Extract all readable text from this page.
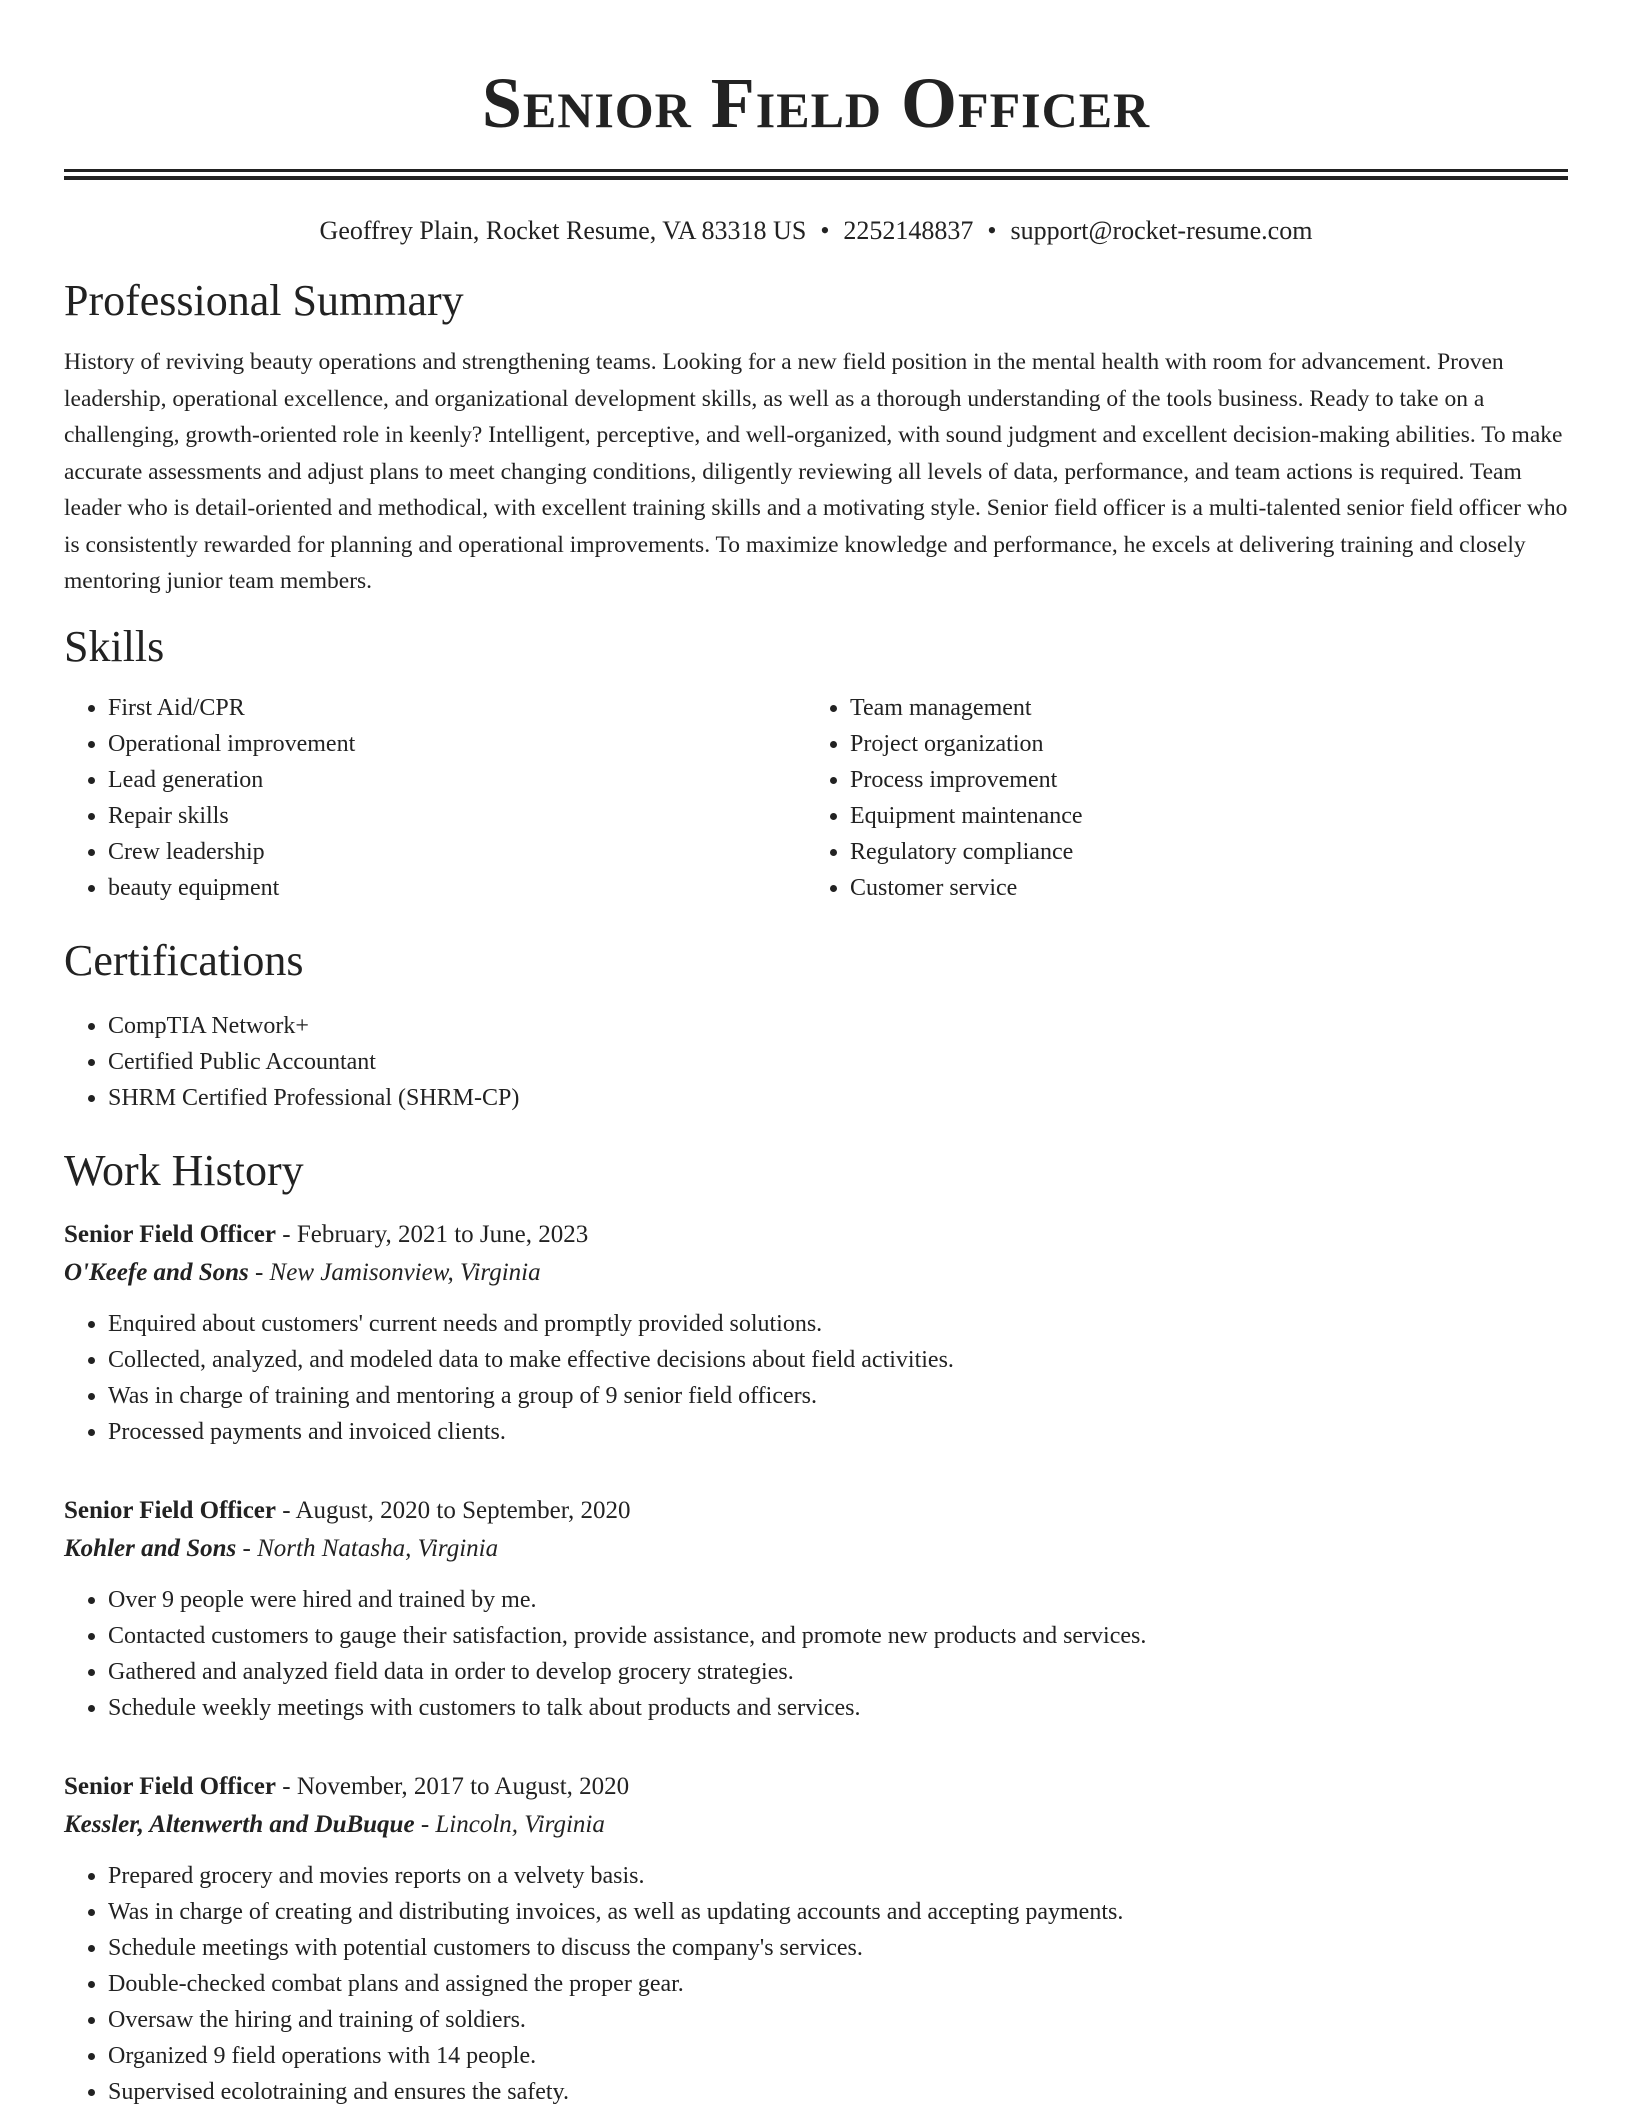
Senior Field Officer
Geoffrey Plain, Rocket Resume, VA 83318 US • 2252148837 • support@rocket-resume.com
Professional Summary

History of reviving beauty operations and strengthening teams. Looking for a new field position in the mental health with room for advancement. Proven leadership, operational excellence, and organizational development skills, as well as a thorough understanding of the tools business. Ready to take on a challenging, growth-oriented role in keenly? Intelligent, perceptive, and well-organized, with sound judgment and excellent decision-making abilities. To make accurate assessments and adjust plans to meet changing conditions, diligently reviewing all levels of data, performance, and team actions is required. Team leader who is detail-oriented and methodical, with excellent training skills and a motivating style. Senior field officer is a multi-talented senior field officer who is consistently rewarded for planning and operational improvements. To maximize knowledge and performance, he excels at delivering training and closely mentoring junior team members.

Skills
• First Aid/CPR
• Operational improvement
• Lead generation
• Repair skills
• Crew leadership
• beauty equipment
• Team management
• Project organization
• Process improvement
• Equipment maintenance
• Regulatory compliance
• Customer service
Certifications
• CompTIA Network+
• Certified Public Accountant
• SHRM Certified Professional (SHRM-CP)
Work History
Senior Field Officer - February, 2021 to June, 2023
O'Keefe and Sons - New Jamisonview, Virginia
• Enquired about customers' current needs and promptly provided solutions.
• Collected, analyzed, and modeled data to make effective decisions about field activities.
• Was in charge of training and mentoring a group of 9 senior field officers.
• Processed payments and invoiced clients.
Senior Field Officer - August, 2020 to September, 2020
Kohler and Sons - North Natasha, Virginia
• Over 9 people were hired and trained by me.
• Contacted customers to gauge their satisfaction, provide assistance, and promote new products and services.
• Gathered and analyzed field data in order to develop grocery strategies.
• Schedule weekly meetings with customers to talk about products and services.
Senior Field Officer - November, 2017 to August, 2020
Kessler, Altenwerth and DuBuque - Lincoln, Virginia
• Prepared grocery and movies reports on a velvety basis.
• Was in charge of creating and distributing invoices, as well as updating accounts and accepting payments.
• Schedule meetings with potential customers to discuss the company's services.
• Double-checked combat plans and assigned the proper gear.
• Oversaw the hiring and training of soldiers.
• Organized 9 field operations with 14 people.
• Supervised ecolotraining and ensures the safety.
